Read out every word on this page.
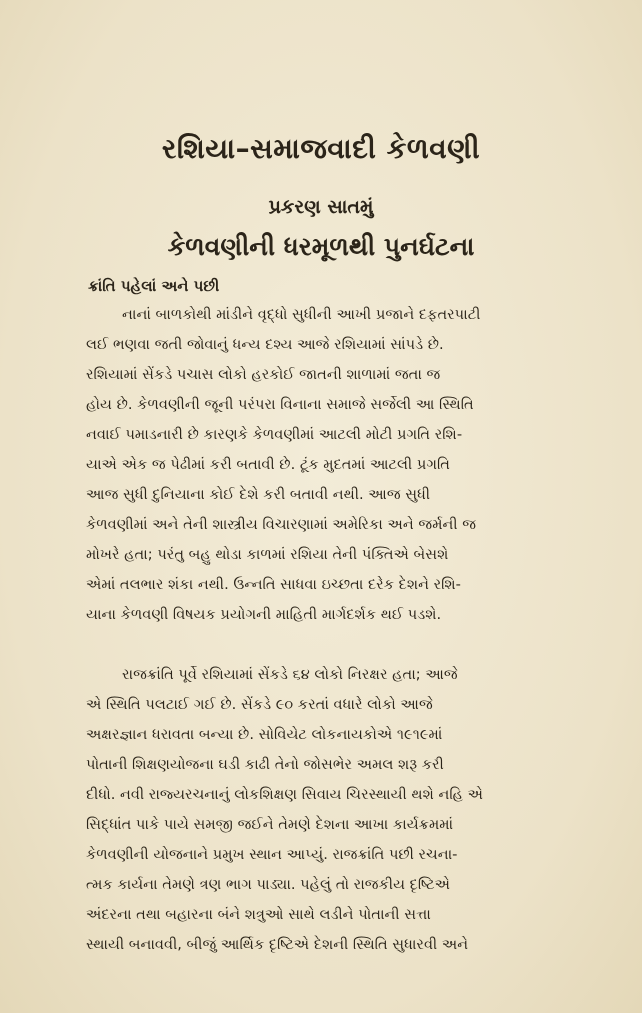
રશિયા–સમાજવાદી કેળવણી
પ્રકરણ સાતમું
કેળવણીની ધરમૂળથી પુનર્ઘટના
ક્રાંતિ પહેલાં અને પછી
નાનાં બાળકોથી માંડીને વૃદ્ધો સુધીની આખી પ્રજાને દફતરપાટી
લઈ ભણવા જતી જોવાનું ધન્ય દશ્ય આજે રશિયામાં સાંપડે છે.
રશિયામાં સેંકડે પચાસ લોકો હરકોઈ જાતની શાળામાં જતા જ
હોય છે. કેળવણીની જૂની પરંપરા વિનાના સમાજે સર્જેલી આ સ્થિતિ
નવાઈ પમાડનારી છે કારણકે કેળવણીમાં આટલી મોટી પ્રગતિ રશિ-
યાએ એક જ પેઢીમાં કરી બતાવી છે. ટૂંક મુદતમાં આટલી પ્રગતિ
આજ સુધી દુનિયાના કોઈ દેશે કરી બતાવી નથી. આજ સુધી
કેળવણીમાં અને તેની શાસ્ત્રીય વિચારણામાં અમેરિકા અને જર્મની જ
મોખરે હતા; પરંતુ બહુ થોડા કાળમાં રશિયા તેની પંક્તિએ બેસશે
એમાં તલભાર શંકા નથી. ઉન્નતિ સાધવા ઇચ્છતા દરેક દેશને રશિ-
યાના કેળવણી વિષયક પ્રયોગની માહિતી માર્ગદર્શક થઈ પડશે.
રાજક્રાંતિ પૂર્વે રશિયામાં સેંકડે ૬૪ લોકો નિરક્ષર હતા; આજે
એ સ્થિતિ પલટાઈ ગઈ છે. સેંકડે ૯૦ કરતાં વધારે લોકો આજે
અક્ષરજ્ઞાન ધરાવતા બન્યા છે. સોવિયેટ લોકનાયકોએ ૧૯૧૯માં
પોતાની શિક્ષણયોજના ઘડી કાઢી તેનો જોસભેર અમલ શરૂ કરી
દીધો. નવી રાજ્યરચનાનું લોકશિક્ષણ સિવાય ચિરસ્થાયી થશે નહિ એ
સિદ્ધાંત પાકે પાયે સમજી જઈને તેમણે દેશના આખા કાર્યક્રમમાં
કેળવણીની યોજનાને પ્રમુખ સ્થાન આપ્યું. રાજક્રાંતિ પછી રચના-
ત્મક કાર્યના તેમણે ત્રણ ભાગ પાડ્યા. પહેલું તો રાજકીય દૃષ્ટિએ
અંદરના તથા બહારના બંને શત્રુઓ સાથે લડીને પોતાની સત્તા
સ્થાયી બનાવવી, બીજું આર્થિક દૃષ્ટિએ દેશની સ્થિતિ સુધારવી અને
